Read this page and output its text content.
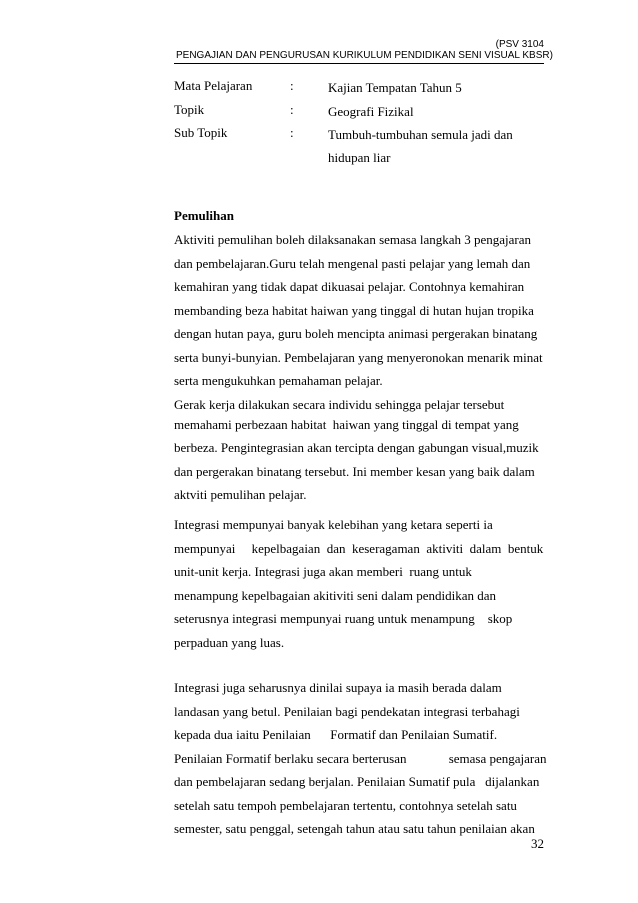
(PSV 3104
PENGAJIAN DAN PENGURUSAN KURIKULUM PENDIDIKAN SENI VISUAL KBSR)
Mata Pelajaran	:	Kajian Tempatan Tahun 5
Topik	:	Geografi Fizikal
Sub Topik	:	Tumbuh-tumbuhan semula jadi dan
hidupan liar
Pemulihan
Aktiviti pemulihan boleh dilaksanakan semasa langkah 3 pengajaran
dan pembelajaran.Guru telah mengenal pasti pelajar yang lemah dan
kemahiran yang tidak dapat dikuasai pelajar. Contohnya kemahiran
membanding beza habitat haiwan yang tinggal di hutan hujan tropika
dengan hutan paya, guru boleh mencipta animasi pergerakan binatang
serta bunyi-bunyian. Pembelajaran yang menyeronokan menarik minat
serta mengukuhkan pemahaman pelajar.
Gerak kerja dilakukan secara individu sehingga pelajar tersebut
memahami perbezaan habitat  haiwan yang tinggal di tempat yang
berbeza. Pengintegrasian akan tercipta dengan gabungan visual,muzik
dan pergerakan binatang tersebut. Ini member kesan yang baik dalam
aktviti pemulihan pelajar.
Integrasi mempunyai banyak kelebihan yang ketara seperti ia
mempunyai     kepelbagaian  dan  keseragaman  aktiviti  dalam  bentuk
unit-unit kerja. Integrasi juga akan memberi  ruang untuk
menampung kepelbagaian akitiviti seni dalam pendidikan dan
seterusnya integrasi mempunyai ruang untuk menampung    skop
perpaduan yang luas.
Integrasi juga seharusnya dinilai supaya ia masih berada dalam
landasan yang betul. Penilaian bagi pendekatan integrasi terbahagi
kepada dua iaitu Penilaian      Formatif dan Penilaian Sumatif.
Penilaian Formatif berlaku secara berterusan             semasa pengajaran
dan pembelajaran sedang berjalan. Penilaian Sumatif pula   dijalankan
setelah satu tempoh pembelajaran tertentu, contohnya setelah satu
semester, satu penggal, setengah tahun atau satu tahun penilaian akan
32
